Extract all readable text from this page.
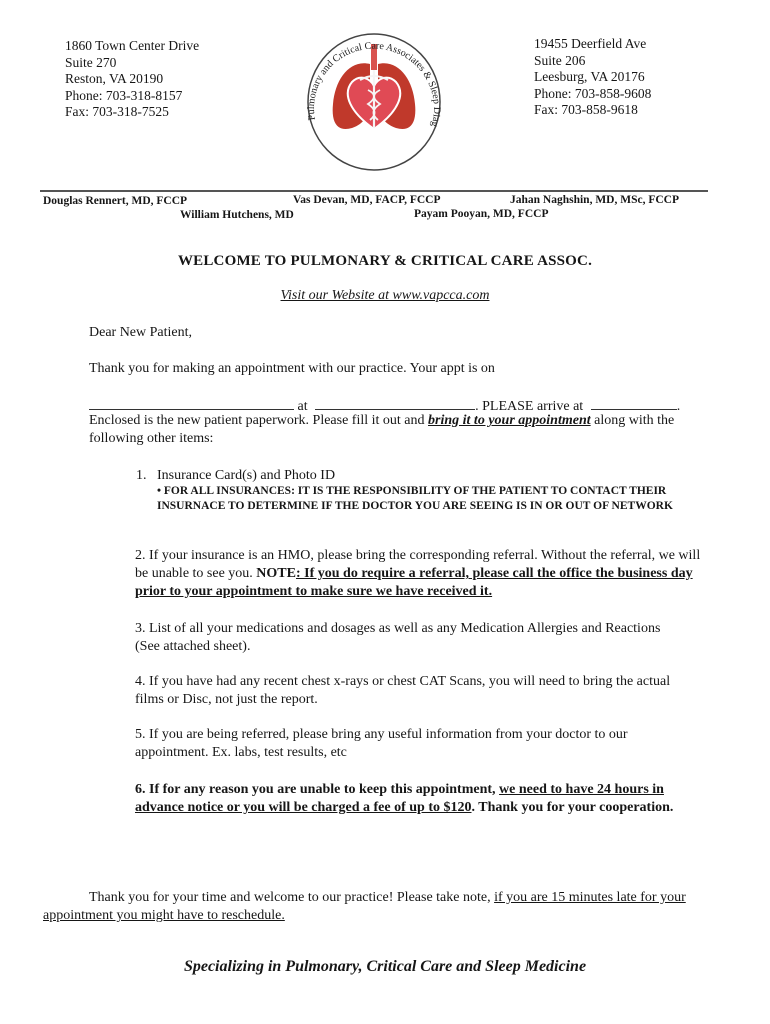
1860 Town Center Drive
Suite 270
Reston, VA 20190
Phone: 703-318-8157
Fax: 703-318-7525
19455 Deerfield Ave
Suite 206
Leesburg, VA 20176
Phone: 703-858-9608
Fax: 703-858-9618
Pulmonary and Critical Care Associates & Sleep Diag
Douglas Rennert, MD, FCCP	Vas Devan, MD, FACP, FCCP	Jahan Naghshin, MD, MSc, FCCP
William Hutchens, MD	Payam Pooyan, MD, FCCP
WELCOME TO PULMONARY & CRITICAL CARE ASSOC.
Visit our Website at www.vapcca.com
Dear New Patient,
Thank you for making an appointment with our practice. Your appt is on
at	. PLEASE arrive at	.
Enclosed is the new patient paperwork. Please fill it out and bring it to your appointment along with the following other items:
1. Insurance Card(s) and Photo ID
• FOR ALL INSURANCES: IT IS THE RESPONSIBILITY OF THE PATIENT TO CONTACT THEIR INSURNACE TO DETERMINE IF THE DOCTOR YOU ARE SEEING IS IN OR OUT OF NETWORK
2. If your insurance is an HMO, please bring the corresponding referral. Without the referral, we will be unable to see you. NOTE: If you do require a referral, please call the office the business day prior to your appointment to make sure we have received it.
3. List of all your medications and dosages as well as any Medication Allergies and Reactions (See attached sheet).
4. If you have had any recent chest x-rays or chest CAT Scans, you will need to bring the actual films or Disc, not just the report.
5. If you are being referred, please bring any useful information from your doctor to our appointment. Ex. labs, test results, etc
6. If for any reason you are unable to keep this appointment, we need to have 24 hours in advance notice or you will be charged a fee of up to $120. Thank you for your cooperation.
Thank you for your time and welcome to our practice! Please take note, if you are 15 minutes late for your appointment you might have to reschedule.
Specializing in Pulmonary, Critical Care and Sleep Medicine
